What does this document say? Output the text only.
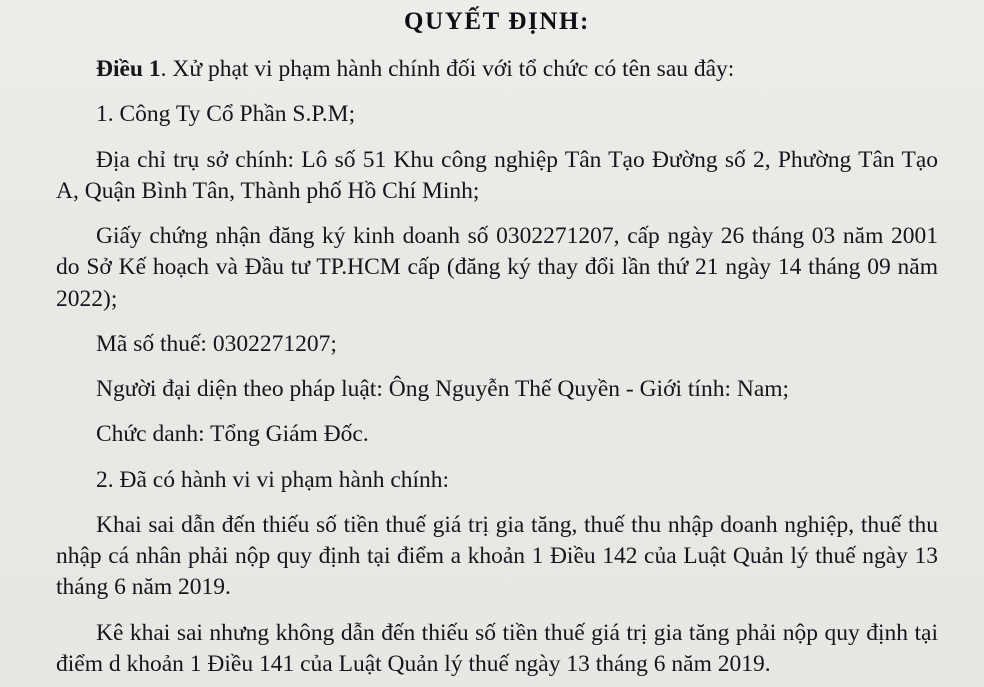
QUYẾT ĐỊNH:

Điều 1. Xử phạt vi phạm hành chính đối với tổ chức có tên sau đây:

1. Công Ty Cổ Phần S.P.M;

Địa chỉ trụ sở chính: Lô số 51 Khu công nghiệp Tân Tạo Đường số 2, Phường Tân Tạo A, Quận Bình Tân, Thành phố Hồ Chí Minh;

Giấy chứng nhận đăng ký kinh doanh số 0302271207, cấp ngày 26 tháng 03 năm 2001 do Sở Kế hoạch và Đầu tư TP.HCM cấp (đăng ký thay đổi lần thứ 21 ngày 14 tháng 09 năm 2022);

Mã số thuế: 0302271207;

Người đại diện theo pháp luật: Ông Nguyễn Thế Quyền - Giới tính: Nam;

Chức danh: Tổng Giám Đốc.

2. Đã có hành vi vi phạm hành chính:

Khai sai dẫn đến thiếu số tiền thuế giá trị gia tăng, thuế thu nhập doanh nghiệp, thuế thu nhập cá nhân phải nộp quy định tại điểm a khoản 1 Điều 142 của Luật Quản lý thuế ngày 13 tháng 6 năm 2019.

Kê khai sai nhưng không dẫn đến thiếu số tiền thuế giá trị gia tăng phải nộp quy định tại điểm d khoản 1 Điều 141 của Luật Quản lý thuế ngày 13 tháng 6 năm 2019.
